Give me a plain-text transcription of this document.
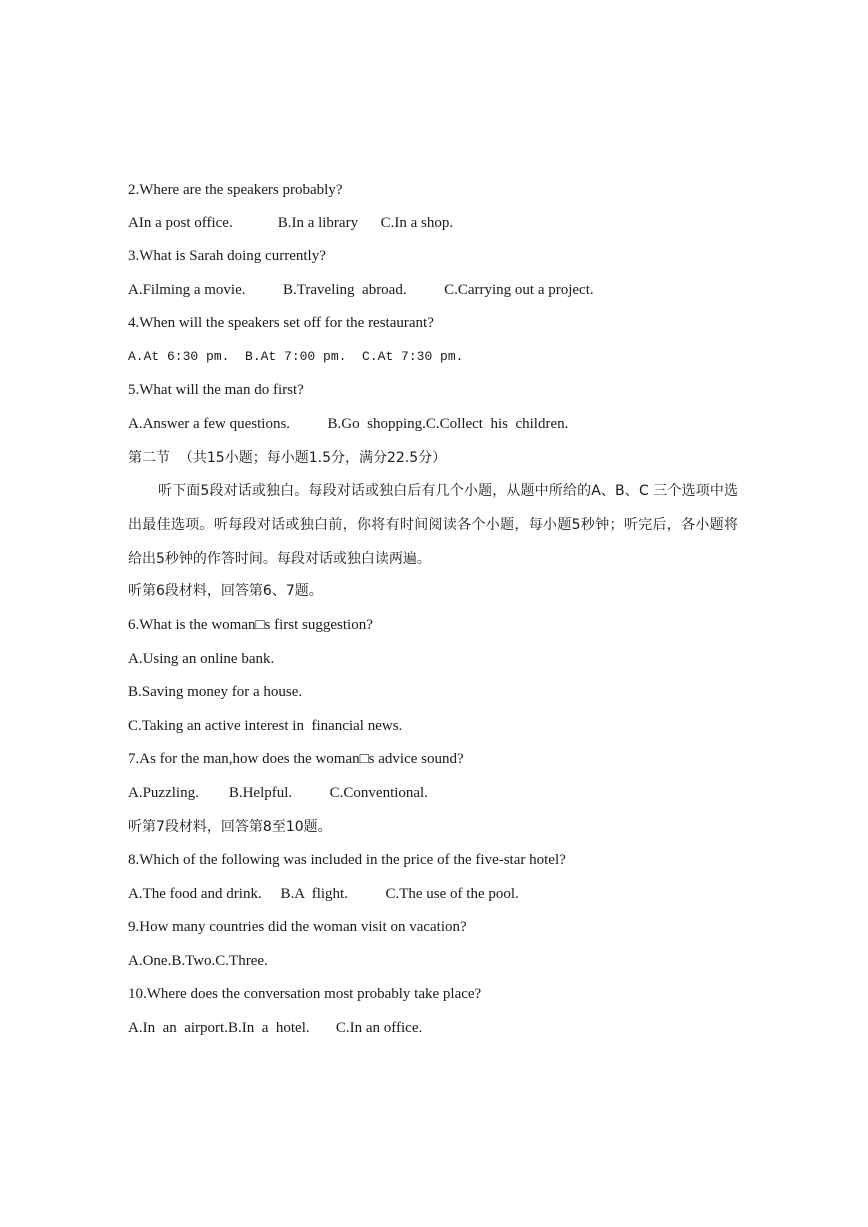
2.Where are the speakers probably?
AIn a post office.            B.In a library      C.In a shop.
3.What is Sarah doing currently?
A.Filming a movie.          B.Traveling  abroad.          C.Carrying out a project.
4.When will the speakers set off for the restaurant?
A.At 6:30 pm.  B.At 7:00 pm.  C.At 7:30 pm.
5.What will the man do first?
A.Answer a few questions.          B.Go  shopping.C.Collect  his  children.
第二节  （共15小题；每小题1.5分，满分22.5分）

听下面5段对话或独白。每段对话或独白后有几个小题，从题中所给的A、B、C 三个选项中选出最佳选项。听每段对话或独白前，你将有时间阅读各个小题，每小题5秒钟；听完后，各小题将给出5秒钟的作答时间。每段对话或独白读两遍。

听第6段材料，回答第6、7题。
6.What is the woman□s first suggestion?
A.Using an online bank.
B.Saving money for a house.
C.Taking an active interest in  financial news.
7.As for the man,how does the woman□s advice sound?
A.Puzzling.        B.Helpful.          C.Conventional.
听第7段材料，回答第8至10题。
8.Which of the following was included in the price of the five-star hotel?
A.The food and drink.     B.A  flight.          C.The use of the pool.
9.How many countries did the woman visit on vacation?
A.One.B.Two.C.Three.
10.Where does the conversation most probably take place?
A.In  an  airport.B.In  a  hotel.       C.In an office.
